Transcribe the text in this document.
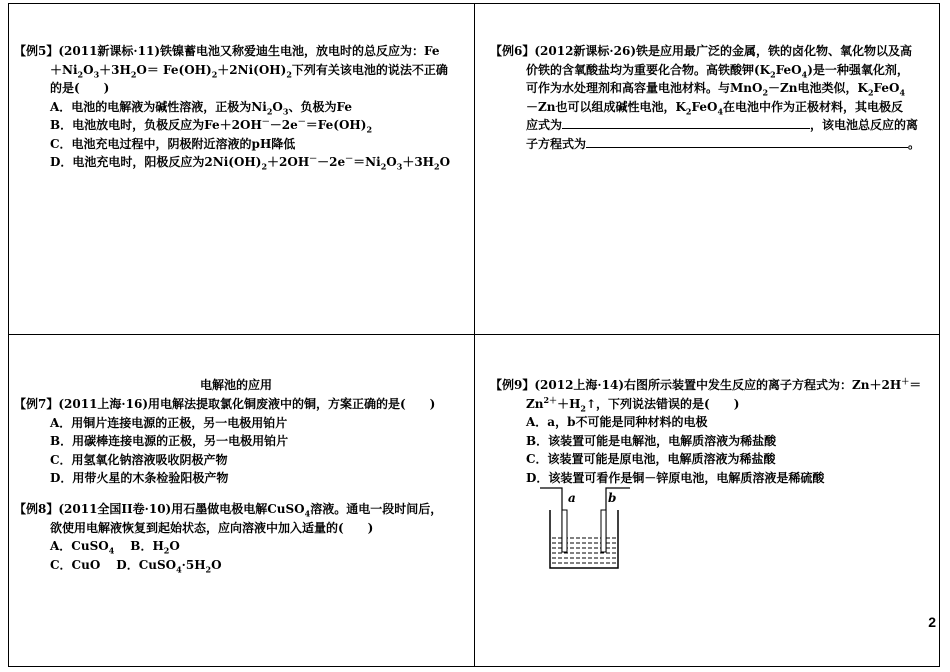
【例5】(2011新课标·11)铁镍蓄电池又称爱迪生电池，放电时的总反应为：Fe

$+Ni_2O_3+3H_2O= Fe(OH)_2+2Ni(OH)_2$下列有关该电池的说法不正确

的是(　　)

A．电池的电解液为碱性溶液，正极为$Ni_2O_3$、负极为Fe

B．电池放电时，负极反应为$Fe+2OH^--2e^-=Fe(OH)_2$

C．电池充电过程中，阴极附近溶液的pH降低

D．电池充电时，阳极反应为$2Ni(OH)_2+2OH^--2e^-=Ni_2O_3+3H_2O$

【例6】(2012新课标·26)铁是应用最广泛的金属，铁的卤化物、氧化物以及高

价铁的含氧酸盐均为重要化合物。高铁酸钾$(K_2FeO_4)$是一种强氧化剂，

可作为水处理剂和高容量电池材料。与MnO$_2$－Zn电池类似，$K_2FeO_4$

－Zn也可以组成碱性电池，$K_2FeO_4$在电池中作为正极材料，其电极反

应式为	，该电池总反应的离

子方程式为	。

电解池的应用

【例7】(2011上海·16)用电解法提取氯化铜废液中的铜，方案正确的是(　　)

A．用铜片连接电源的正极，另一电极用铂片

B．用碳棒连接电源的正极，另一电极用铂片

C．用氢氧化钠溶液吸收阴极产物

D．用带火星的木条检验阳极产物

【例8】(2011全国II卷·10)用石墨做电极电解CuSO$_4$溶液。通电一段时间后，

欲使用电解液恢复到起始状态，应向溶液中加入适量的(　　)

A．CuSO$_4$ B．$H_2O$

C．CuO D．$CuSO_4\cdot 5H_2O$

【例9】(2012上海·14)右图所示装置中发生反应的离子方程式为：Zn＋2H＋＝

$Zn^{2+}+H_2↑$，下列说法错误的是(　　)

A．a，b不可能是同种材料的电极

B．该装置可能是电解池，电解质溶液为稀盐酸

C．该装置可能是原电池，电解质溶液为稀盐酸

D．该装置可看作是铜－锌原电池，电解质溶液是稀硫酸

a	b
2
